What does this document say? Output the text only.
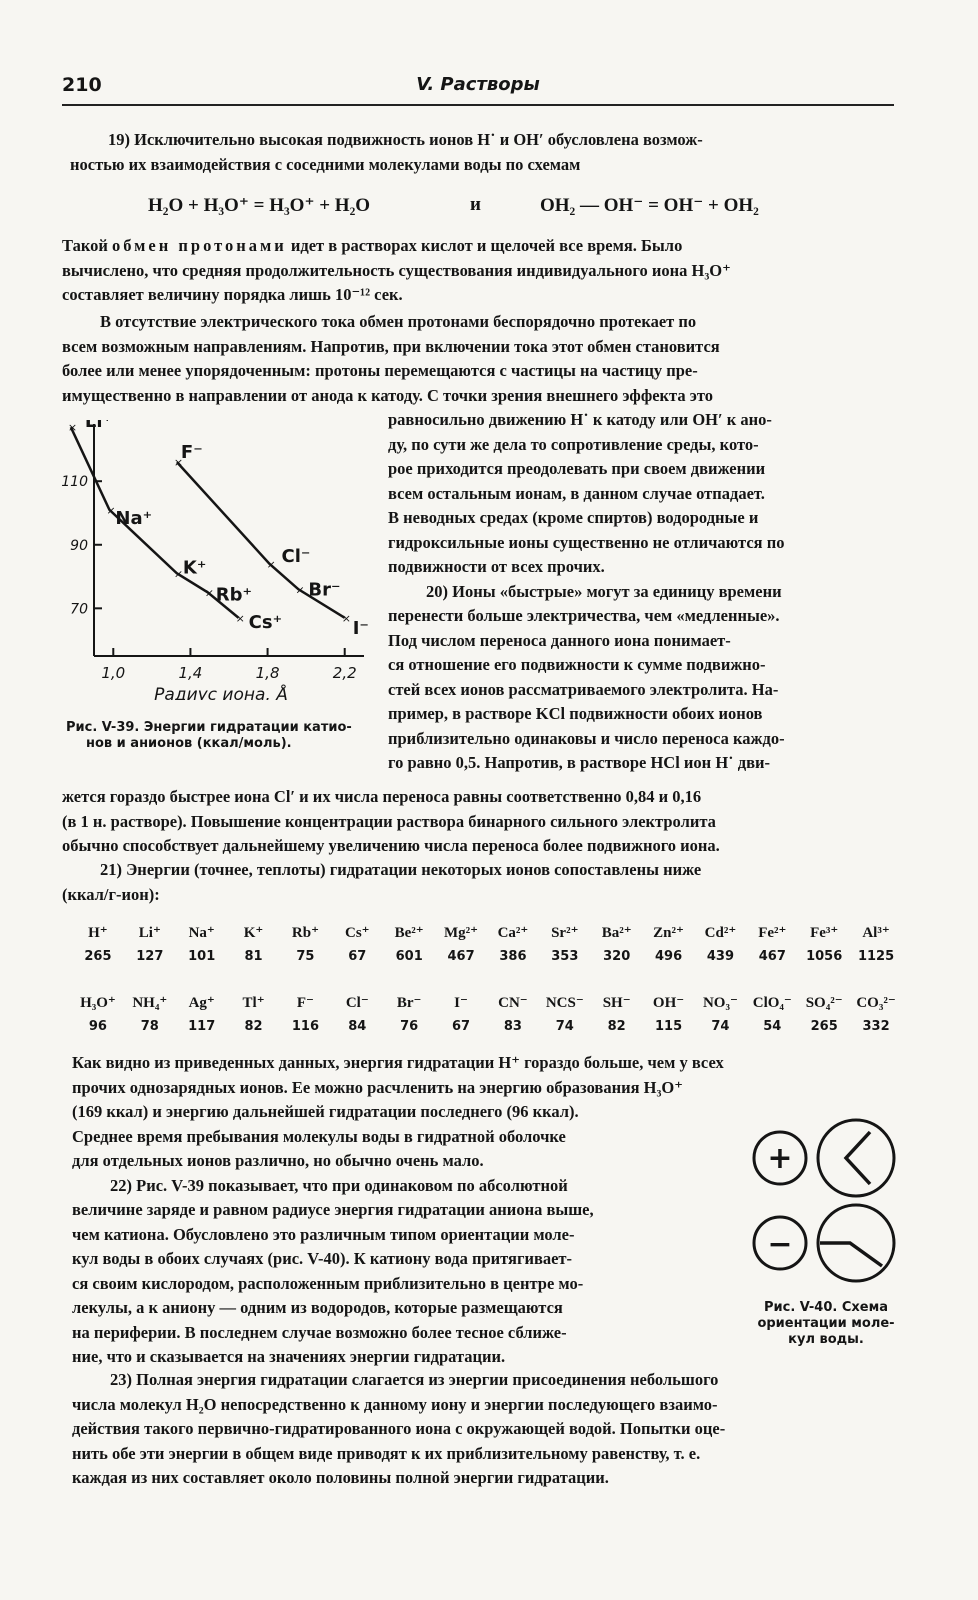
210	V. Растворы

19) Исключительно высокая подвижность ионов H˙ и OH′ обусловлена возмож-

ностью их взаимодействия с соседними молекулами воды по схемам

H₂O + H₃O⁺ = H₃O⁺ + H₂O	и	OH₂ — OH⁻ = OH⁻ + OH₂

Такой обмен протонами идет в растворах кислот и щелочей все время. Было

вычислено, что средняя продолжительность существования индивидуального иона H₃O⁺

составляет величину порядка лишь 10⁻¹² сек.

В отсутствие электрического тока обмен протонами беспорядочно протекает по

всем возможным направлениям. Напротив, при включении тока этот обмен становится

более или менее упорядоченным: протоны перемещаются с частицы на частицу пре-

имущественно в направлении от анода к катоду. С точки зрения внешнего эффекта это

равносильно движению H˙ к катоду или OH′ к ано-

ду, по сути же дела то сопротивление среды, кото-

рое приходится преодолевать при своем движении

всем остальным ионам, в данном случае отпадает.

В неводных средах (кроме спиртов) водородные и

гидроксильные ионы существенно не отличаются по

подвижности от всех прочих.

20) Ионы «быстрые» могут за единицу времени

перенести больше электричества, чем «медленные».

Под числом переноса данного иона понимает-

ся отношение его подвижности к сумме подвижно-

стей всех ионов рассматриваемого электролита. На-

пример, в растворе KCl подвижности обоих ионов

приблизительно одинаковы и число переноса каждо-

го равно 0,5. Напротив, в растворе HCl ион H˙ дви-

1,0	1,4	1,8	2,2
70
90
110
× Li⁺
× Na⁺
× K⁺
× Rb⁺
× Cs⁺
×
F⁻
× Cl⁻
× Br⁻
× I⁻
Радиус иона, Å
Рис. V-39. Энергии гидратации катио-
нов и анионов (ккал/моль).

жется гораздо быстрее иона Cl′ и их числа переноса равны соответственно 0,84 и 0,16

(в 1 н. растворе). Повышение концентрации раствора бинарного сильного электролита

обычно способствует дальнейшему увеличению числа переноса более подвижного иона.

21) Энергии (точнее, теплоты) гидратации некоторых ионов сопоставлены ниже

(ккал/г-ион):

H⁺	Li⁺	Na⁺	K⁺	Rb⁺	Cs⁺	Be²⁺	Mg²⁺	Ca²⁺	Sr²⁺	Ba²⁺	Zn²⁺	Cd²⁺	Fe²⁺	Fe³⁺	Al³⁺
265	127	101	81	75	67	601	467	386	353	320	496	439	467	1056	1125
H₃O⁺	NH₄⁺	Ag⁺	Tl⁺	F⁻	Cl⁻	Br⁻	I⁻	CN⁻	NCS⁻	SH⁻	OH⁻	NO₃⁻	ClO₄⁻	SO₄²⁻	CO₃²⁻
96	78	117	82	116	84	76	67	83	74	82	115	74	54	265	332

Как видно из приведенных данных, энергия гидратации H⁺ гораздо больше, чем у всех

прочих однозарядных ионов. Ее можно расчленить на энергию образования H₃O⁺

(169 ккал) и энергию дальнейшей гидратации последнего (96 ккал).

Среднее время пребывания молекулы воды в гидратной оболочке

для отдельных ионов различно, но обычно очень мало.

22) Рис. V-39 показывает, что при одинаковом по абсолютной

величине заряде и равном радиусе энергия гидратации аниона выше,

чем катиона. Обусловлено это различным типом ориентации моле-

кул воды в обоих случаях (рис. V-40). К катиону вода притягивает-

ся своим кислородом, расположенным приблизительно в центре мо-

лекулы, а к аниону — одним из водородов, которые размещаются

на периферии. В последнем случае возможно более тесное сближе-

ние, что и сказывается на значениях энергии гидратации.

+
−
Рис. V-40. Схема
ориентации моле-
кул воды.

23) Полная энергия гидратации слагается из энергии присоединения небольшого

числа молекул H₂O непосредственно к данному иону и энергии последующего взаимо-

действия такого первично-гидратированного иона с окружающей водой. Попытки оце-

нить обе эти энергии в общем виде приводят к их приблизительному равенству, т. е.

каждая из них составляет около половины полной энергии гидратации.
